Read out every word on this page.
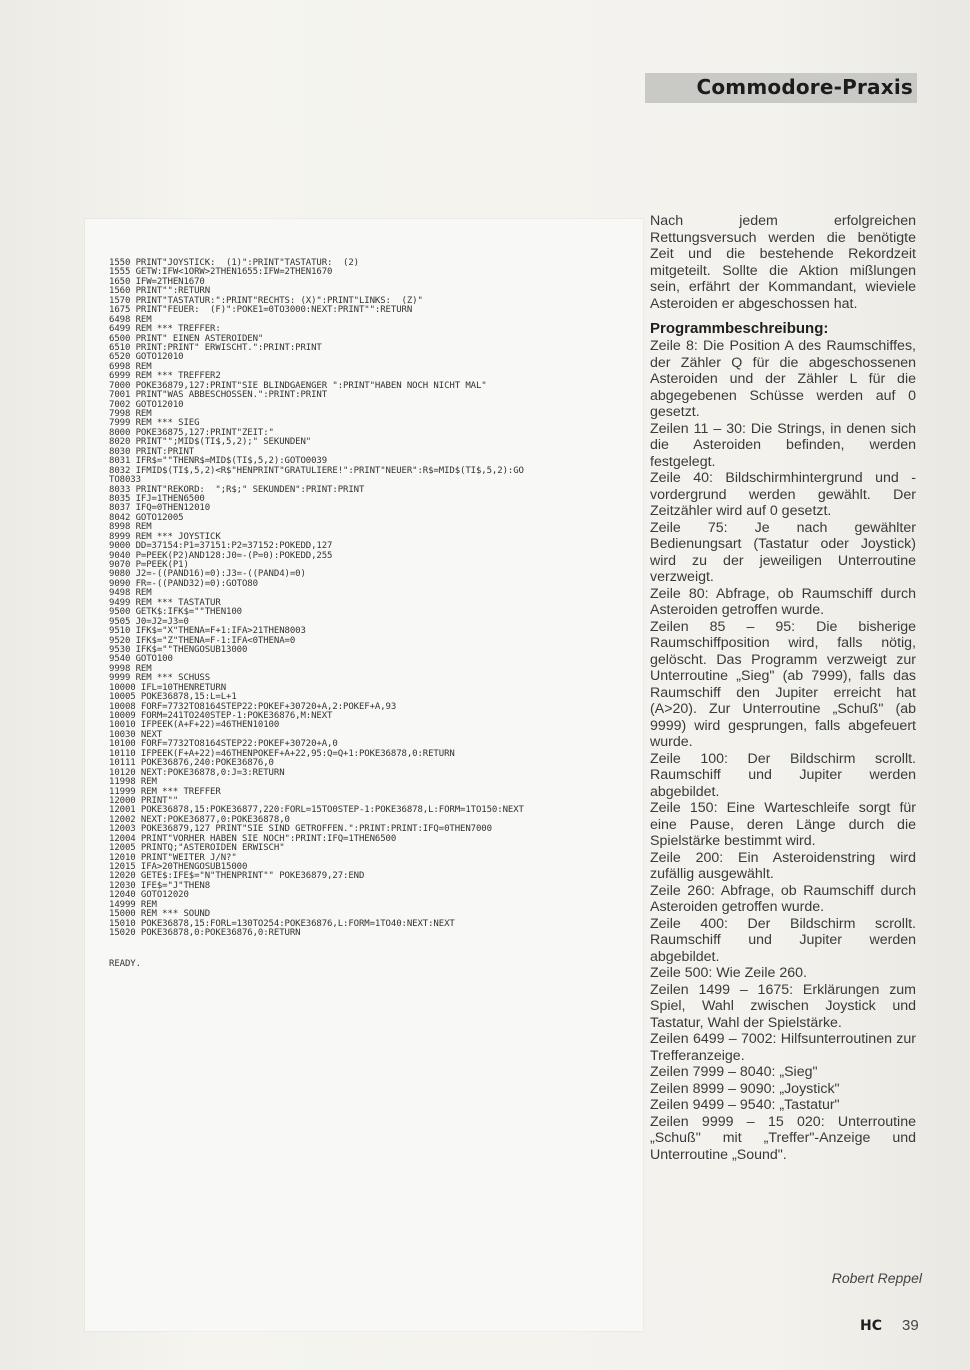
Commodore-Praxis
1550 PRINT"JOYSTICK:  (1)":PRINT"TASTATUR:  (2)
1555 GETW:IFW<1ORW>2THEN1655:IFW=2THEN1670
1650 IFW=2THEN1670
1560 PRINT"":RETURN
1570 PRINT"TASTATUR:":PRINT"RECHTS: (X)":PRINT"LINKS:  (Z)"
1675 PRINT"FEUER:  (F)":POKE1=0TO3000:NEXT:PRINT"":RETURN
6498 REM
6499 REM *** TREFFER:
6500 PRINT" EINEN ASTEROIDEN"
6510 PRINT:PRINT" ERWISCHT.":PRINT:PRINT
6520 GOTO12010
6998 REM
6999 REM *** TREFFER2
7000 POKE36879,127:PRINT"SIE BLINDGAENGER ":PRINT"HABEN NOCH NICHT MAL"
7001 PRINT"WAS ABBESCHOSSEN.":PRINT:PRINT
7002 GOTO12010
7998 REM
7999 REM *** SIEG
8000 POKE36875,127:PRINT"ZEIT:"
8020 PRINT"";MID$(TI$,5,2);" SEKUNDEN"
8030 PRINT:PRINT
8031 IFR$=""THENR$=MID$(TI$,5,2):GOTO0039
8032 IFMID$(TI$,5,2)<R$"HENPRINT"GRATULIERE!":PRINT"NEUER":R$=MID$(TI$,5,2):GO
TO8033
8033 PRINT"REKORD:  ";R$;" SEKUNDEN":PRINT:PRINT
8035 IFJ=1THEN6500
8037 IFQ=0THEN12010
8042 GOTO12005
8998 REM
8999 REM *** JOYSTICK
9000 DD=37154:P1=37151:P2=37152:POKEDD,127
9040 P=PEEK(P2)AND128:J0=-(P=0):POKEDD,255
9070 P=PEEK(P1)
9080 J2=-((PAND16)=0):J3=-((PAND4)=0)
9090 FR=-((PAND32)=0):GOTO80
9498 REM
9499 REM *** TASTATUR
9500 GETK$:IFK$=""THEN100
9505 J0=J2=J3=0
9510 IFK$="X"THENA=F+1:IFA>21THEN8003
9520 IFK$="Z"THENA=F-1:IFA<0THENA=0
9530 IFK$=""THENGOSUB13000
9540 GOTO100
9998 REM
9999 REM *** SCHUSS
10000 IFL=10THENRETURN
10005 POKE36878,15:L=L+1
10008 FORF=7732TO8164STEP22:POKEF+30720+A,2:POKEF+A,93
10009 FORM=241TO240STEP-1:POKE36876,M:NEXT
10010 IFPEEK(A+F+22)=46THEN10100
10030 NEXT
10100 FORF=7732TO8164STEP22:POKEF+30720+A,0
10110 IFPEEK(F+A+22)=46THENPOKEF+A+22,95:Q=Q+1:POKE36878,0:RETURN
10111 POKE36876,240:POKE36876,0
10120 NEXT:POKE36878,0:J=3:RETURN
11998 REM
11999 REM *** TREFFER
12000 PRINT""
12001 POKE36878,15:POKE36877,220:FORL=15TO0STEP-1:POKE36878,L:FORM=1TO150:NEXT
12002 NEXT:POKE36877,0:POKE36878,0
12003 POKE36879,127 PRINT"SIE SIND GETROFFEN.":PRINT:PRINT:IFQ=0THEN7000
12004 PRINT"VORHER HABEN SIE NOCH":PRINT:IFQ=1THEN6500
12005 PRINTQ;"ASTEROIDEN ERWISCH"
12010 PRINT"WEITER J/N?"
12015 IFA>20THENGOSUB15000
12020 GETE$:IFE$="N"THENPRINT"" POKE36879,27:END
12030 IFE$="J"THEN8
12040 GOTO12020
14999 REM
15000 REM *** SOUND
15010 POKE36878,15:FORL=130TO254:POKE36876,L:FORM=1TO40:NEXT:NEXT
15020 POKE36878,0:POKE36876,0:RETURN
READY.

Nach jedem erfolgreichen Rettungsversuch werden die benötigte Zeit und die bestehende Rekordzeit mitgeteilt. Sollte die Aktion mißlungen sein, erfährt der Kommandant, wieviele Asteroiden er abgeschossen hat.

Programmbeschreibung:
Zeile 8: Die Position A des Raumschiffes, der Zähler Q für die abgeschossenen Asteroiden und der Zähler L für die abgegebenen Schüsse werden auf 0 gesetzt.
Zeilen 11 – 30: Die Strings, in denen sich die Asteroiden befinden, werden festgelegt.
Zeile 40: Bildschirmhintergrund und -vordergrund werden gewählt. Der Zeitzähler wird auf 0 gesetzt.
Zeile 75: Je nach gewählter Bedienungsart (Tastatur oder Joystick) wird zu der jeweiligen Unterroutine verzweigt.
Zeile 80: Abfrage, ob Raumschiff durch Asteroiden getroffen wurde.
Zeilen 85 – 95: Die bisherige Raumschiffposition wird, falls nötig, gelöscht. Das Programm verzweigt zur Unterroutine „Sieg" (ab 7999), falls das Raumschiff den Jupiter erreicht hat (A>20). Zur Unterroutine „Schuß" (ab 9999) wird gesprungen, falls abgefeuert wurde.
Zeile 100: Der Bildschirm scrollt. Raumschiff und Jupiter werden abgebildet.
Zeile 150: Eine Warteschleife sorgt für eine Pause, deren Länge durch die Spielstärke bestimmt wird.
Zeile 200: Ein Asteroidenstring wird zufällig ausgewählt.
Zeile 260: Abfrage, ob Raumschiff durch Asteroiden getroffen wurde.
Zeile 400: Der Bildschirm scrollt. Raumschiff und Jupiter werden abgebildet.
Zeile 500: Wie Zeile 260.
Zeilen 1499 – 1675: Erklärungen zum Spiel, Wahl zwischen Joystick und Tastatur, Wahl der Spielstärke.
Zeilen 6499 – 7002: Hilfsunterroutinen zur Trefferanzeige.
Zeilen 7999 – 8040: „Sieg"
Zeilen 8999 – 9090: „Joystick"
Zeilen 9499 – 9540: „Tastatur"
Zeilen 9999 – 15 020: Unterroutine „Schuß" mit „Treffer"-Anzeige und Unterroutine „Sound".
Robert Reppel
HC 39
